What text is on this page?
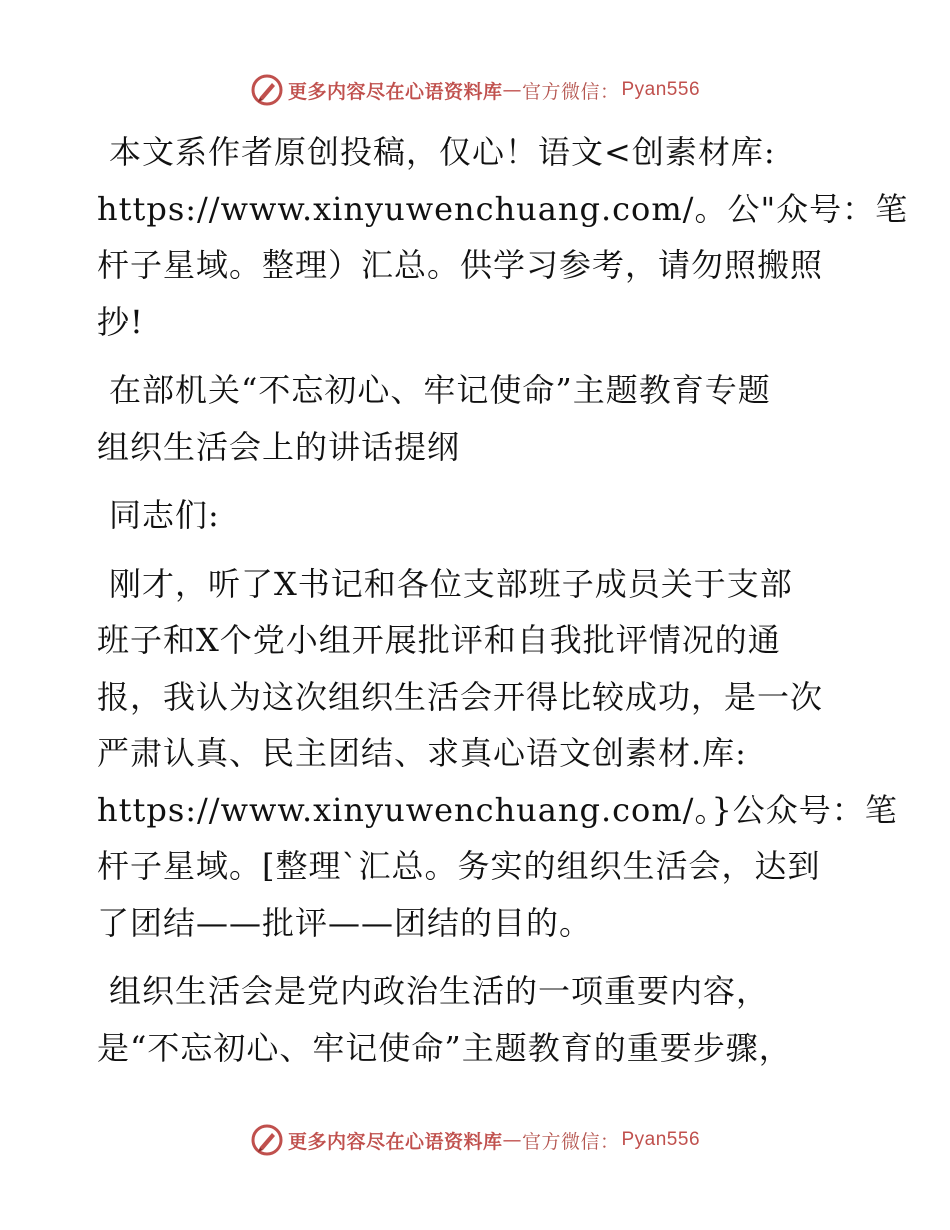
更多内容尽在心语资料库 — 官方微信： Pyan556

本文系作者原创投稿，仅心！语文<创素材库:
https://www.xinyuwenchuang.com/。公"众号：笔
杆子星域。整理）汇总。供学习参考，请勿照搬照
抄!

在部机关“不忘初心、牢记使命”主题教育专题
组织生活会上的讲话提纲

同志们:

刚才，听了X书记和各位支部班子成员关于支部
班子和X个党小组开展批评和自我批评情况的通
报，我认为这次组织生活会开得比较成功，是一次
严肃认真、民主团结、求真心语文创素材.库:
https://www.xinyuwenchuang.com/。}公众号：笔
杆子星域。[整理`汇总。务实的组织生活会，达到
了团结——批评——团结的目的。

组织生活会是党内政治生活的一项重要内容，
是“不忘初心、牢记使命”主题教育的重要步骤，

更多内容尽在心语资料库 — 官方微信： Pyan556
